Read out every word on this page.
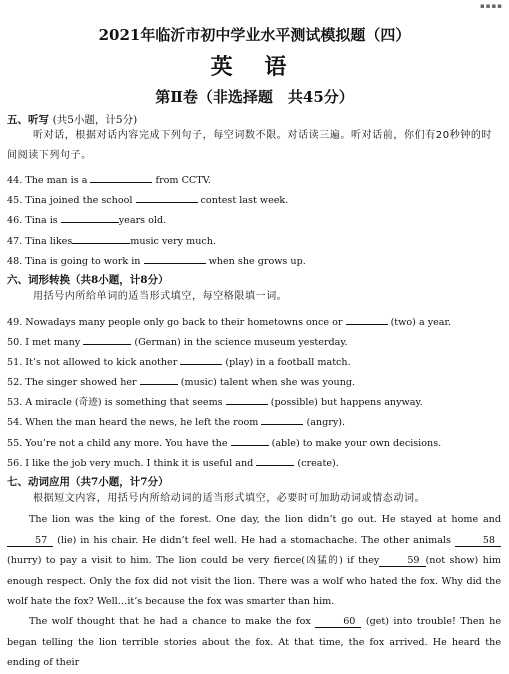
▪▪▪▪
2021年临沂市初中学业水平测试模拟题（四）
英 语
第Ⅱ卷（非选择题　共45分）
五、听写 (共5小题，计5分)
听对话，根据对话内容完成下列句子，每空词数不限。对话读三遍。听对话前，你们有20秒钟的时间阅读下列句子。
44. The man is a	from CCTV.
45. Tina joined the school	contest last week.
46. Tina is	years old.
47. Tina likes	music very much.
48. Tina is going to work in	when she grows up.
六、词形转换（共8小题，计8分）
用括号内所给单词的适当形式填空，每空格限填一词。
49. Nowadays many people only go back to their hometowns once or	(two) a year.
50. I met many	(German) in the science museum yesterday.
51. It’s not allowed to kick another	(play) in a football match.
52. The singer showed her	(music) talent when she was young.
53. A miracle (奇迹) is something that seems	(possible) but happens anyway.
54. When the man heard the news, he left the room	(angry).
55. You’re not a child any more. You have the	(able) to make your own decisions.
56. I like the job very much. I think it is useful and	(create).
七、动词应用（共7小题，计7分）
根据短文内容，用括号内所给动词的适当形式填空，必要时可加助动词或情态动词。
The lion was the king of the forest. One day, the lion didn’t go out. He stayed at home and57 (lie) in his chair. He didn’t feel well. He had a stomachache. The other animals	58(hurry) to pay a visit to him. The lion could be very fierce(凶猛的) if they	59 (not show) him enough respect. Only the fox did not visit the lion. There was a wolf who hated the fox. Why did the wolf hate the fox? Well…it’s because the fox was smarter than him.
The wolf thought that he had a chance to make the fox	60 (get) into trouble! Then he began telling the lion terrible stories about the fox. At that time, the fox arrived. He heard the ending of their
